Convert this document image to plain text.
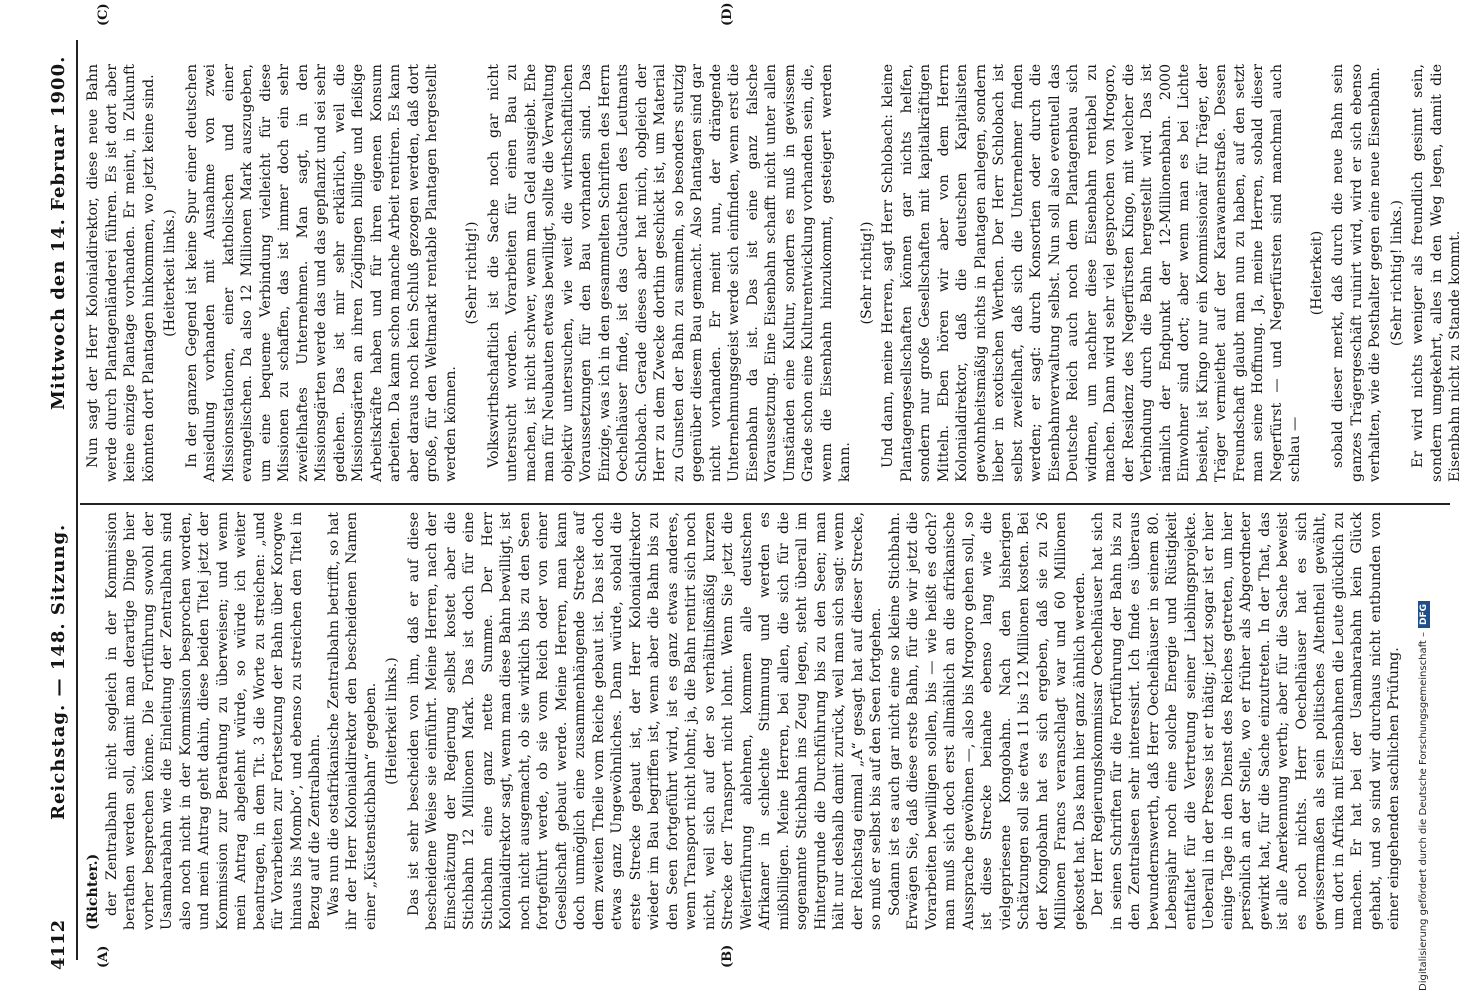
4112
Reichstag. — 148. Sitzung.
Mittwoch den 14. Februar 1900.
(A)	(B)
(C)	(D)

(Richter.) der Zentralbahn nicht sogleich in der Kommission berathen werden soll, damit man derartige Dinge hier vorher besprechen könne. Die Fortführung sowohl der Usambarabahn wie die Einleitung der Zentralbahn sind also noch nicht in der Kommission besprochen worden, und mein Antrag geht dahin, diese beiden Titel jetzt der Kommission zur Berathung zu überweisen; und wenn mein Antrag abgelehnt würde, so würde ich weiter beantragen, in dem Tit. 3 die Worte zu streichen: „und für Vorarbeiten zur Fortsetzung der Bahn über Korogwe hinaus bis Mombo“, und ebenso zu streichen den Titel in Bezug auf die Zentralbahn. Was nun die ostafrikanische Zentralbahn betrifft, so hat ihr der Herr Kolonialdirektor den bescheidenen Namen einer „Küstenstichbahn“ gegeben. (Heiterkeit links.) Das ist sehr bescheiden von ihm, daß er auf diese bescheidene Weise sie einführt. Meine Herren, nach der Einschätzung der Regierung selbst kostet aber die Stichbahn 12 Millionen Mark. Das ist doch für eine Stichbahn eine ganz nette Summe. Der Herr Kolonialdirektor sagt, wenn man diese Bahn bewilligt, ist noch nicht ausgemacht, ob sie wirklich bis zu den Seen fortgeführt werde, ob sie vom Reich oder von einer Gesellschaft gebaut werde. Meine Herren, man kann doch unmöglich eine zusammenhängende Strecke auf dem zweiten Theile vom Reiche gebaut ist. Das ist doch etwas ganz Ungewöhnliches. Dann würde, sobald die erste Strecke gebaut ist, der Herr Kolonialdirektor wieder im Bau begriffen ist, wenn aber die Bahn bis zu den Seen fortgeführt wird, ist es ganz etwas anderes, wenn Transport nicht lohnt; ja, die Bahn rentirt sich noch nicht, weil sich auf der so verhältnißmäßig kurzen Strecke der Transport nicht lohnt. Wenn Sie jetzt die Weiterführung ablehnen, kommen alle deutschen Afrikaner in schlechte Stimmung und werden es mißbilligen. Meine Herren, bei allen, die sich für die sogenannte Stichbahn ins Zeug legen, steht überall im Hintergrunde die Durchführung bis zu den Seen; man hält nur deshalb damit zurück, weil man sich sagt: wenn der Reichstag einmal „A“ gesagt hat auf dieser Strecke, so muß er selbst bis auf den Seen fortgehen. Sodann ist es auch gar nicht eine so kleine Stichbahn. Erwägen Sie, daß diese erste Bahn, für die wir jetzt die Vorarbeiten bewilligen sollen, bis — wie heißt es doch? man muß sich doch erst allmählich an die afrikanische Aussprache gewöhnen —, also bis Mrogoro gehen soll, so ist diese Strecke beinahe ebenso lang wie die vielgepriesene Kongobahn. Nach den bisherigen Schätzungen soll sie etwa 11 bis 12 Millionen kosten. Bei der Kongobahn hat es sich ergeben, daß sie zu 26 Millionen Francs veranschlagt war und 60 Millionen gekostet hat. Das kann hier ganz ähnlich werden. Der Herr Regierungskommissar Oechelhäuser hat sich in seinen Schriften für die Fortführung der Bahn bis zu den Zentralseen sehr interessirt. Ich finde es überaus bewundernswerth, daß Herr Oechelhäuser in seinem 80. Lebensjahr noch eine solche Energie und Rüstigkeit entfaltet für die Vertretung seiner Lieblingsprojekte. Ueberall in der Presse ist er thätig; jetzt sogar ist er hier einige Tage in den Dienst des Reiches getreten, um hier persönlich an der Stelle, wo er früher als Abgeordneter gewirkt hat, für die Sache einzutreten. In der That, das ist alle Anerkennung werth; aber für die Sache beweist es noch nichts. Herr Oechelhäuser hat es sich gewissermaßen als sein politisches Altentheil gewählt, um dort in Afrika mit Eisenbahnen die Leute glücklich zu machen. Er hat bei der Usambarabahn kein Glück gehabt, und so sind wir durchaus nicht entbunden von einer eingehenden sachlichen Prüfung.

Nun sagt der Herr Kolonialdirektor, diese neue Bahn werde durch Plantagenländerei führen. Es ist dort aber keine einzige Plantage vorhanden. Er meint, in Zukunft könnten dort Plantagen hinkommen, wo jetzt keine sind. (Heiterkeit links.) In der ganzen Gegend ist keine Spur einer deutschen Ansiedlung vorhanden mit Ausnahme von zwei Missionsstationen, einer katholischen und einer evangelischen. Da also 12 Millionen Mark auszugeben, um eine bequeme Verbindung vielleicht für diese Missionen zu schaffen, das ist immer doch ein sehr zweifelhaftes Unternehmen. Man sagt, in den Missionsgärten werde das und das gepflanzt und sei sehr gediehen. Das ist mir sehr erklärlich, weil die Missionsgärten an ihren Zöglingen billige und fleißige Arbeitskräfte haben und für ihren eigenen Konsum arbeiten. Da kann schon manche Arbeit rentiren. Es kann aber daraus noch kein Schluß gezogen werden, daß dort große, für den Weltmarkt rentable Plantagen hergestellt werden können.

(Sehr richtig!) Volkswirthschaftlich ist die Sache noch gar nicht untersucht worden. Vorarbeiten für einen Bau zu machen, ist nicht schwer, wenn man Geld ausgiebt. Ehe man für Neubauten etwas bewilligt, sollte die Verwaltung objektiv untersuchen, wie weit die wirthschaftlichen Voraussetzungen für den Bau vorhanden sind. Das Einzige, was ich in den gesammelten Schriften des Herrn Oechelhäuser finde, ist das Gutachten des Leutnants Schlobach. Gerade dieses aber hat mich, obgleich der Herr zu dem Zwecke dorthin geschickt ist, um Material zu Gunsten der Bahn zu sammeln, so besonders stutzig gegenüber diesem Bau gemacht. Also Plantagen sind gar nicht vorhanden. Er meint nun, der drängende Unternehmungsgeist werde sich einfinden, wenn erst die Eisenbahn da ist. Das ist eine ganz falsche Voraussetzung. Eine Eisenbahn schafft nicht unter allen Umständen eine Kultur, sondern es muß in gewissem Grade schon eine Kulturentwicklung vorhanden sein, die, wenn die Eisenbahn hinzukommt, gesteigert werden kann.

(Sehr richtig!) Und dann, meine Herren, sagt Herr Schlobach: kleine Plantagengesellschaften können gar nichts helfen, sondern nur große Gesellschaften mit kapitalkräftigen Mitteln. Eben hören wir aber von dem Herrn Kolonialdirektor, daß die deutschen Kapitalisten gewohnheitsmäßig nichts in Plantagen anlegen, sondern lieber in exotischen Werthen. Der Herr Schlobach ist selbst zweifelhaft, daß sich die Unternehmer finden werden; er sagt: durch Konsortien oder durch die Eisenbahnverwaltung selbst. Nun soll also eventuell das Deutsche Reich auch noch dem Plantagenbau sich widmen, um nachher diese Eisenbahn rentabel zu machen. Dann wird sehr viel gesprochen von Mrogoro, der Residenz des Negerfürsten Kingo, mit welcher die Verbindung durch die Bahn hergestellt wird. Das ist nämlich der Endpunkt der 12-Millionenbahn. 2000 Einwohner sind dort; aber wenn man es bei Lichte besieht, ist Kingo nur ein Kommissionär für Träger, der Träger vermiethet auf der Karawanenstraße. Dessen Freundschaft glaubt man nun zu haben, auf den setzt man seine Hoffnung. Ja, meine Herren, sobald dieser Negerfürst — und Negerfürsten sind manchmal auch schlau —

(Heiterkeit) sobald dieser merkt, daß durch die neue Bahn sein ganzes Trägergeschäft ruinirt wird, wird er sich ebenso verhalten, wie die Posthalter gegen eine neue Eisenbahn. (Sehr richtig! links.) Er wird nichts weniger als freundlich gesinnt sein, sondern umgekehrt, alles in den Weg legen, damit die Eisenbahn nicht zu Stande kommt.

Digitalisierung gefördert durch die Deutsche Forschungsgemeinschaft –DFG
